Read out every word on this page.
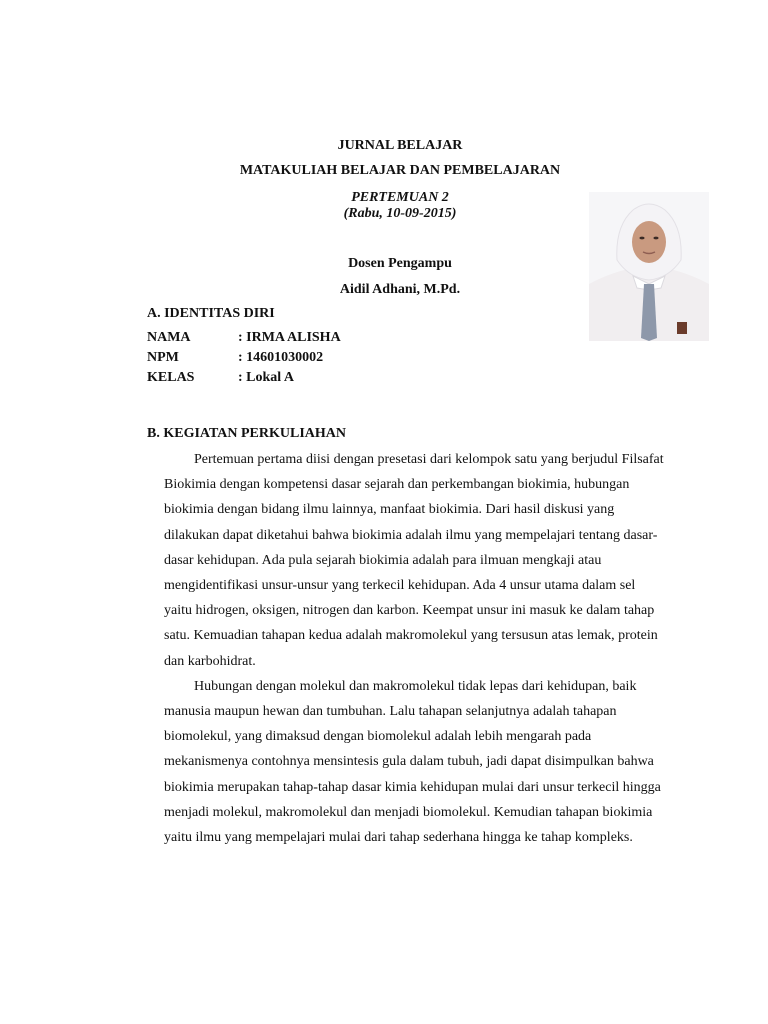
JURNAL BELAJAR
MATAKULIAH BELAJAR DAN PEMBELAJARAN
PERTEMUAN 2
(Rabu, 10-09-2015)
Dosen Pengampu
Aidil Adhani, M.Pd.
A. IDENTITAS DIRI
NAMA	: IRMA ALISHA
NPM	: 14601030002
KELAS	: Lokal A
B. KEGIATAN PERKULIAHAN

Pertemuan pertama diisi dengan presetasi dari kelompok satu yang berjudul Filsafat Biokimia dengan kompetensi dasar sejarah dan perkembangan biokimia, hubungan biokimia dengan bidang ilmu lainnya, manfaat biokimia. Dari hasil diskusi yang dilakukan dapat diketahui bahwa biokimia adalah ilmu yang mempelajari tentang dasar-dasar kehidupan. Ada pula sejarah biokimia adalah para ilmuan mengkaji atau mengidentifikasi unsur-unsur yang terkecil kehidupan. Ada 4 unsur utama dalam sel yaitu hidrogen, oksigen, nitrogen dan karbon. Keempat unsur ini masuk ke dalam tahap satu. Kemuadian tahapan kedua adalah makromolekul yang tersusun atas lemak, protein dan karbohidrat.

Hubungan dengan molekul dan makromolekul tidak lepas dari kehidupan, baik manusia maupun hewan dan tumbuhan. Lalu tahapan selanjutnya adalah tahapan biomolekul, yang dimaksud dengan biomolekul adalah lebih mengarah pada mekanismenya contohnya mensintesis gula dalam tubuh, jadi dapat disimpulkan bahwa biokimia merupakan tahap-tahap dasar kimia kehidupan mulai dari unsur terkecil hingga menjadi molekul, makromolekul dan menjadi biomolekul. Kemudian tahapan biokimia yaitu ilmu yang mempelajari mulai dari tahap sederhana hingga ke tahap kompleks.
